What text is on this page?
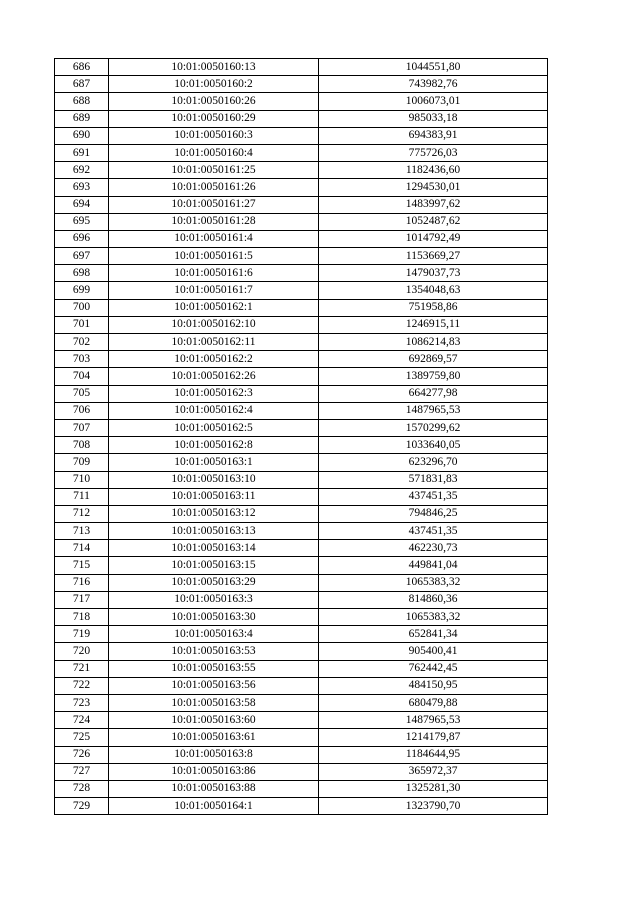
686	10:01:0050160:13	1044551,80
687	10:01:0050160:2	743982,76
688	10:01:0050160:26	1006073,01
689	10:01:0050160:29	985033,18
690	10:01:0050160:3	694383,91
691	10:01:0050160:4	775726,03
692	10:01:0050161:25	1182436,60
693	10:01:0050161:26	1294530,01
694	10:01:0050161:27	1483997,62
695	10:01:0050161:28	1052487,62
696	10:01:0050161:4	1014792,49
697	10:01:0050161:5	1153669,27
698	10:01:0050161:6	1479037,73
699	10:01:0050161:7	1354048,63
700	10:01:0050162:1	751958,86
701	10:01:0050162:10	1246915,11
702	10:01:0050162:11	1086214,83
703	10:01:0050162:2	692869,57
704	10:01:0050162:26	1389759,80
705	10:01:0050162:3	664277,98
706	10:01:0050162:4	1487965,53
707	10:01:0050162:5	1570299,62
708	10:01:0050162:8	1033640,05
709	10:01:0050163:1	623296,70
710	10:01:0050163:10	571831,83
711	10:01:0050163:11	437451,35
712	10:01:0050163:12	794846,25
713	10:01:0050163:13	437451,35
714	10:01:0050163:14	462230,73
715	10:01:0050163:15	449841,04
716	10:01:0050163:29	1065383,32
717	10:01:0050163:3	814860,36
718	10:01:0050163:30	1065383,32
719	10:01:0050163:4	652841,34
720	10:01:0050163:53	905400,41
721	10:01:0050163:55	762442,45
722	10:01:0050163:56	484150,95
723	10:01:0050163:58	680479,88
724	10:01:0050163:60	1487965,53
725	10:01:0050163:61	1214179,87
726	10:01:0050163:8	1184644,95
727	10:01:0050163:86	365972,37
728	10:01:0050163:88	1325281,30
729	10:01:0050164:1	1323790,70
